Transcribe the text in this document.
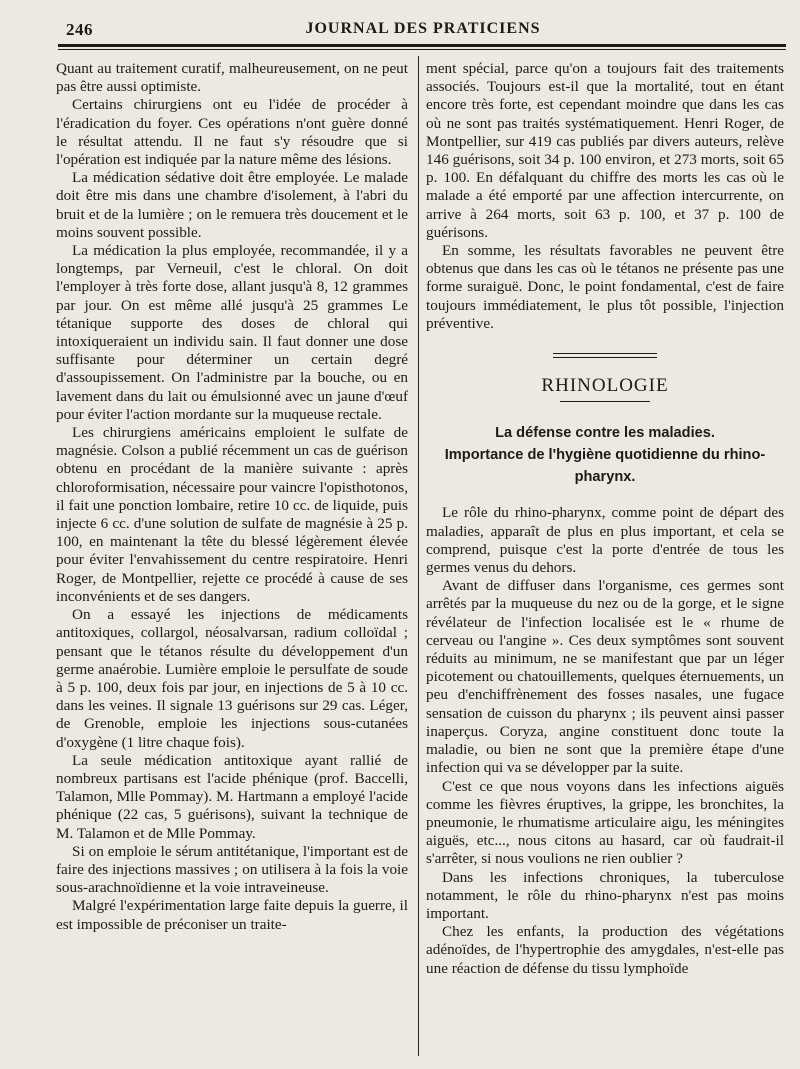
246	JOURNAL DES PRATICIENS

Quant au traitement curatif, malheureusement, on ne peut pas être aussi optimiste.

Certains chirurgiens ont eu l'idée de procéder à l'éradication du foyer. Ces opérations n'ont guère donné le résultat attendu. Il ne faut s'y résoudre que si l'opération est indiquée par la nature même des lésions.

La médication sédative doit être employée. Le malade doit être mis dans une chambre d'isolement, à l'abri du bruit et de la lumière ; on le remuera très doucement et le moins souvent possible.

La médication la plus employée, recommandée, il y a longtemps, par Verneuil, c'est le chloral. On doit l'employer à très forte dose, allant jusqu'à 8, 12 grammes par jour. On est même allé jusqu'à 25 grammes Le tétanique supporte des doses de chloral qui intoxiqueraient un individu sain. Il faut donner une dose suffisante pour déterminer un certain degré d'assoupissement. On l'administre par la bouche, ou en lavement dans du lait ou émulsionné avec un jaune d'œuf pour éviter l'action mordante sur la muqueuse rectale.

Les chirurgiens américains emploient le sulfate de magnésie. Colson a publié récemment un cas de guérison obtenu en procédant de la manière suivante : après chloroformisation, nécessaire pour vaincre l'opisthotonos, il fait une ponction lombaire, retire 10 cc. de liquide, puis injecte 6 cc. d'une solution de sulfate de magnésie à 25 p. 100, en maintenant la tête du blessé légèrement élevée pour éviter l'envahissement du centre respiratoire. Henri Roger, de Montpellier, rejette ce procédé à cause de ses inconvénients et de ses dangers.

On a essayé les injections de médicaments antitoxiques, collargol, néosalvarsan, radium colloïdal ; pensant que le tétanos résulte du développement d'un germe anaérobie. Lumière emploie le persulfate de soude à 5 p. 100, deux fois par jour, en injections de 5 à 10 cc. dans les veines. Il signale 13 guérisons sur 29 cas. Léger, de Grenoble, emploie les injections sous-cutanées d'oxygène (1 litre chaque fois).

La seule médication antitoxique ayant rallié de nombreux partisans est l'acide phénique (prof. Baccelli, Talamon, Mlle Pommay). M. Hartmann a employé l'acide phénique (22 cas, 5 guérisons), suivant la technique de M. Talamon et de Mlle Pommay.

Si on emploie le sérum antitétanique, l'important est de faire des injections massives ; on utilisera à la fois la voie sous-arachnoïdienne et la voie intraveineuse.

Malgré l'expérimentation large faite depuis la guerre, il est impossible de préconiser un traite-

ment spécial, parce qu'on a toujours fait des traitements associés. Toujours est-il que la mortalité, tout en étant encore très forte, est cependant moindre que dans les cas où ne sont pas traités systématiquement. Henri Roger, de Montpellier, sur 419 cas publiés par divers auteurs, relève 146 guérisons, soit 34 p. 100 environ, et 273 morts, soit 65 p. 100. En défalquant du chiffre des morts les cas où le malade a été emporté par une affection intercurrente, on arrive à 264 morts, soit 63 p. 100, et 37 p. 100 de guérisons.

En somme, les résultats favorables ne peuvent être obtenus que dans les cas où le tétanos ne présente pas une forme suraiguë. Donc, le point fondamental, c'est de faire toujours immédiatement, le plus tôt possible, l'injection préventive.

RHINOLOGIE
La défense contre les maladies.
Importance de l'hygiène quotidienne du rhino-pharynx.

Le rôle du rhino-pharynx, comme point de départ des maladies, apparaît de plus en plus important, et cela se comprend, puisque c'est la porte d'entrée de tous les germes venus du dehors.

Avant de diffuser dans l'organisme, ces germes sont arrêtés par la muqueuse du nez ou de la gorge, et le signe révélateur de l'infection localisée est le « rhume de cerveau ou l'angine ». Ces deux symptômes sont souvent réduits au minimum, ne se manifestant que par un léger picotement ou chatouillements, quelques éternuements, un peu d'enchiffrènement des fosses nasales, une fugace sensation de cuisson du pharynx ; ils peuvent ainsi passer inaperçus. Coryza, angine constituent donc toute la maladie, ou bien ne sont que la première étape d'une infection qui va se développer par la suite.

C'est ce que nous voyons dans les infections aiguës comme les fièvres éruptives, la grippe, les bronchites, la pneumonie, le rhumatisme articulaire aigu, les méningites aiguës, etc..., nous citons au hasard, car où faudrait-il s'arrêter, si nous voulions ne rien oublier ?

Dans les infections chroniques, la tuberculose notamment, le rôle du rhino-pharynx n'est pas moins important.

Chez les enfants, la production des végétations adénoïdes, de l'hypertrophie des amygdales, n'est-elle pas une réaction de défense du tissu lymphoïde
